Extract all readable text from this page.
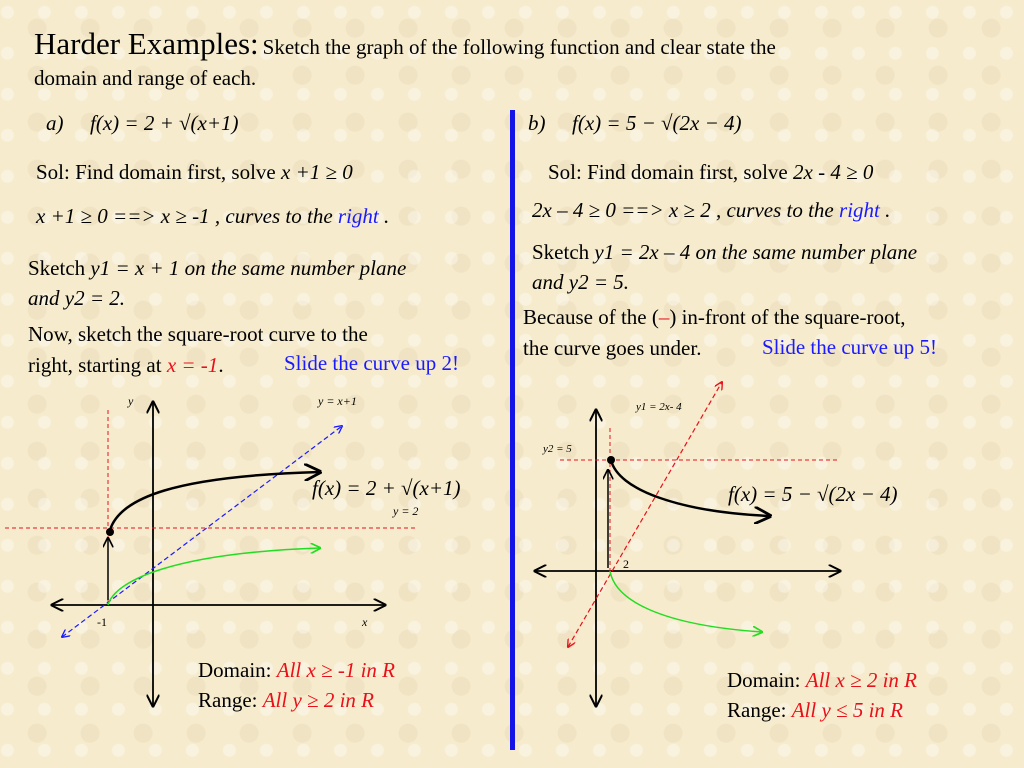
Harder Examples: Sketch the graph of the following function and clear state the
domain and range of each.
a) f(x) = 2 + √(x+1)
Sol: Find domain first, solve x +1 ≥ 0
x +1 ≥ 0 ==> x ≥ -1 , curves to the right .
Sketch y1 = x + 1 on the same number plane
and y2 = 2.
Now, sketch the square-root curve to the
right, starting at x = -1.	Slide the curve up 2!
y	y = x+1
y = 2
x
-1
f(x) = 2 + √(x+1)
Domain: All x ≥ -1 in R
Range: All y ≥ 2 in R
b) f(x) = 5 − √(2x − 4)
Sol: Find domain first, solve 2x - 4 ≥ 0
2x – 4 ≥ 0 ==> x ≥ 2 , curves to the right .
Sketch y1 = 2x – 4 on the same number plane
and y2 = 5.
Because of the (–) in-front of the square-root,
the curve goes under.	Slide the curve up 5!
y1 = 2x- 4
y2 = 5
2
f(x) = 5 − √(2x − 4)
Domain: All x ≥ 2 in R
Range: All y ≤ 5 in R
